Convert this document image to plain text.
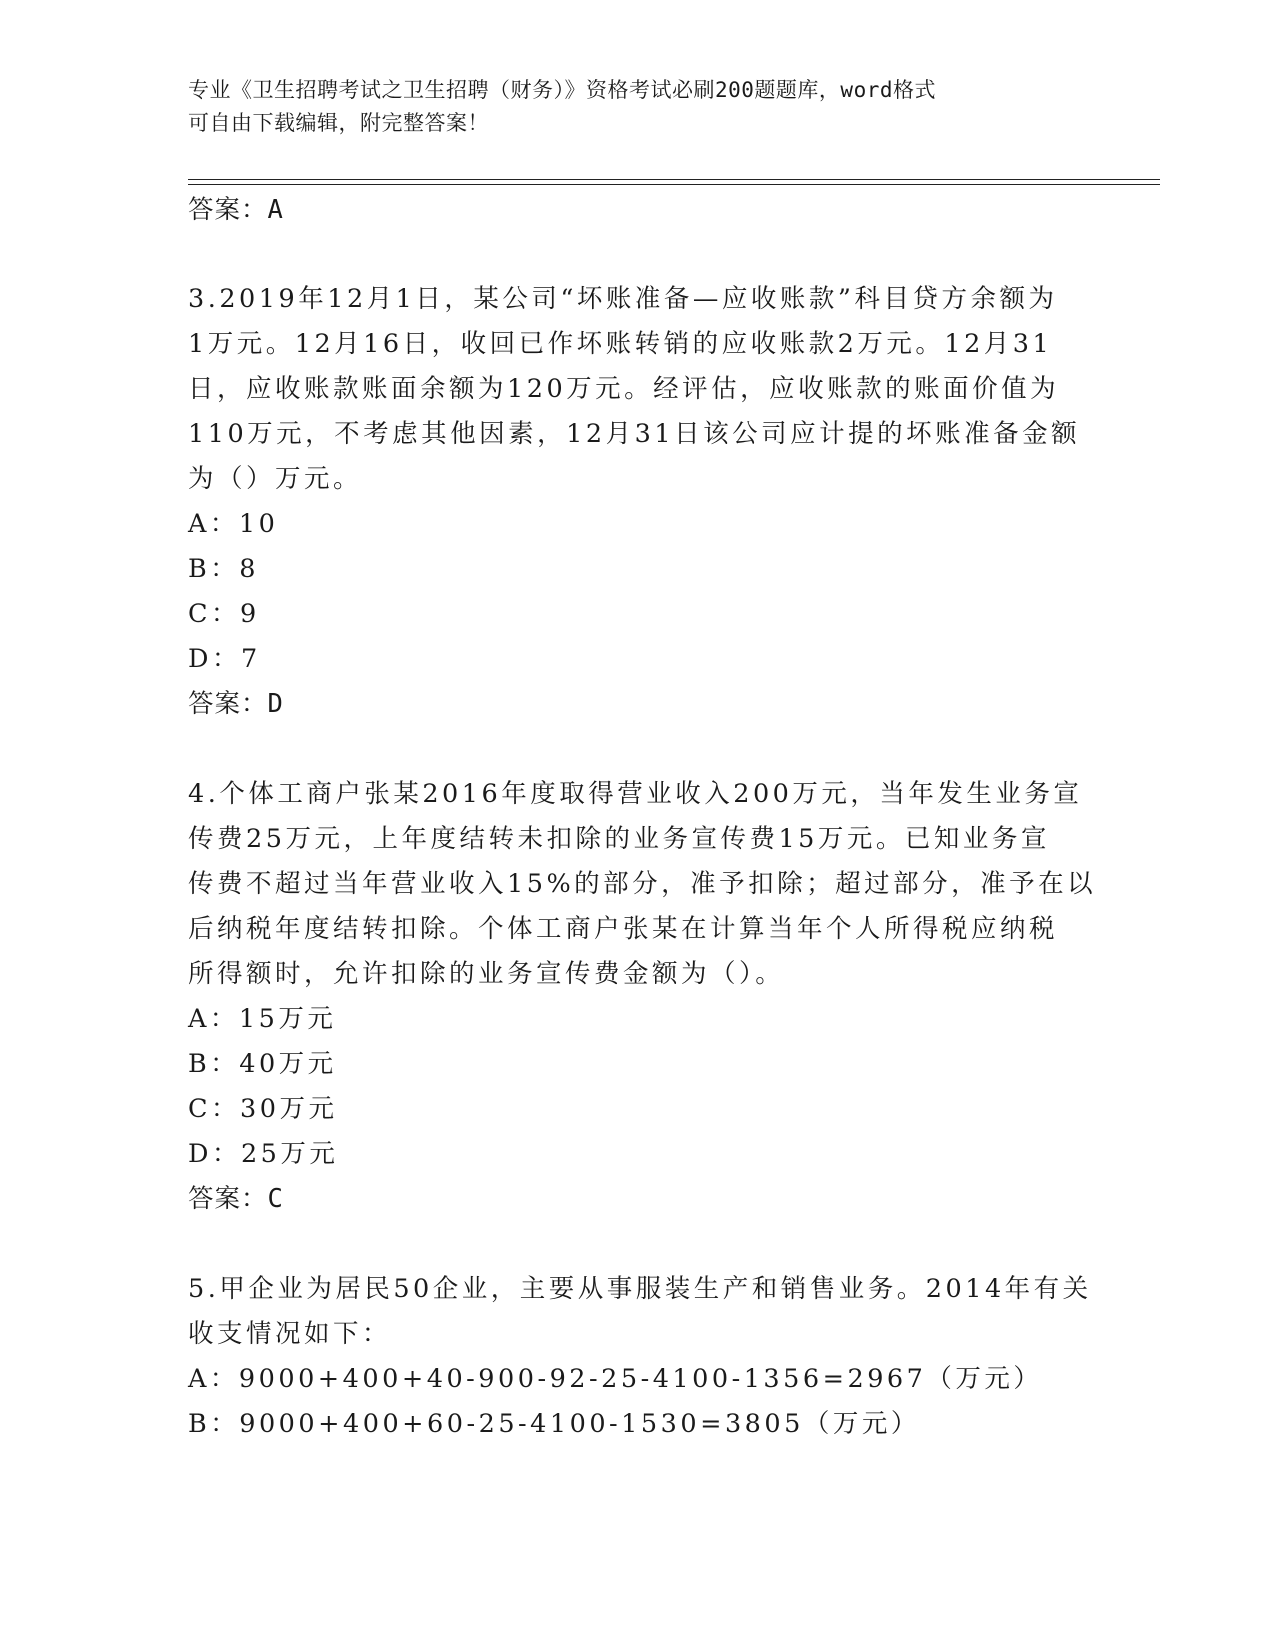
专业《卫生招聘考试之卫生招聘（财务）》资格考试必刷200题题库，word格式
可自由下载编辑，附完整答案！
答案：A
3.2019年12月1日，某公司“坏账准备—应收账款”科目贷方余额为
1万元。12月16日，收回已作坏账转销的应收账款2万元。12月31
日，应收账款账面余额为120万元。经评估，应收账款的账面价值为
110万元，不考虑其他因素，12月31日该公司应计提的坏账准备金额
为（）万元。
A：10
B：8
C：9
D：7
答案：D
4.个体工商户张某2016年度取得营业收入200万元，当年发生业务宣
传费25万元，上年度结转未扣除的业务宣传费15万元。已知业务宣
传费不超过当年营业收入15%的部分，准予扣除；超过部分，准予在以
后纳税年度结转扣除。个体工商户张某在计算当年个人所得税应纳税
所得额时，允许扣除的业务宣传费金额为（）。
A：15万元
B：40万元
C：30万元
D：25万元
答案：C
5.甲企业为居民50企业，主要从事服装生产和销售业务。2014年有关
收支情况如下：
A：9000+400+40-900-92-25-4100-1356=2967（万元）
B：9000+400+60-25-4100-1530=3805（万元）
